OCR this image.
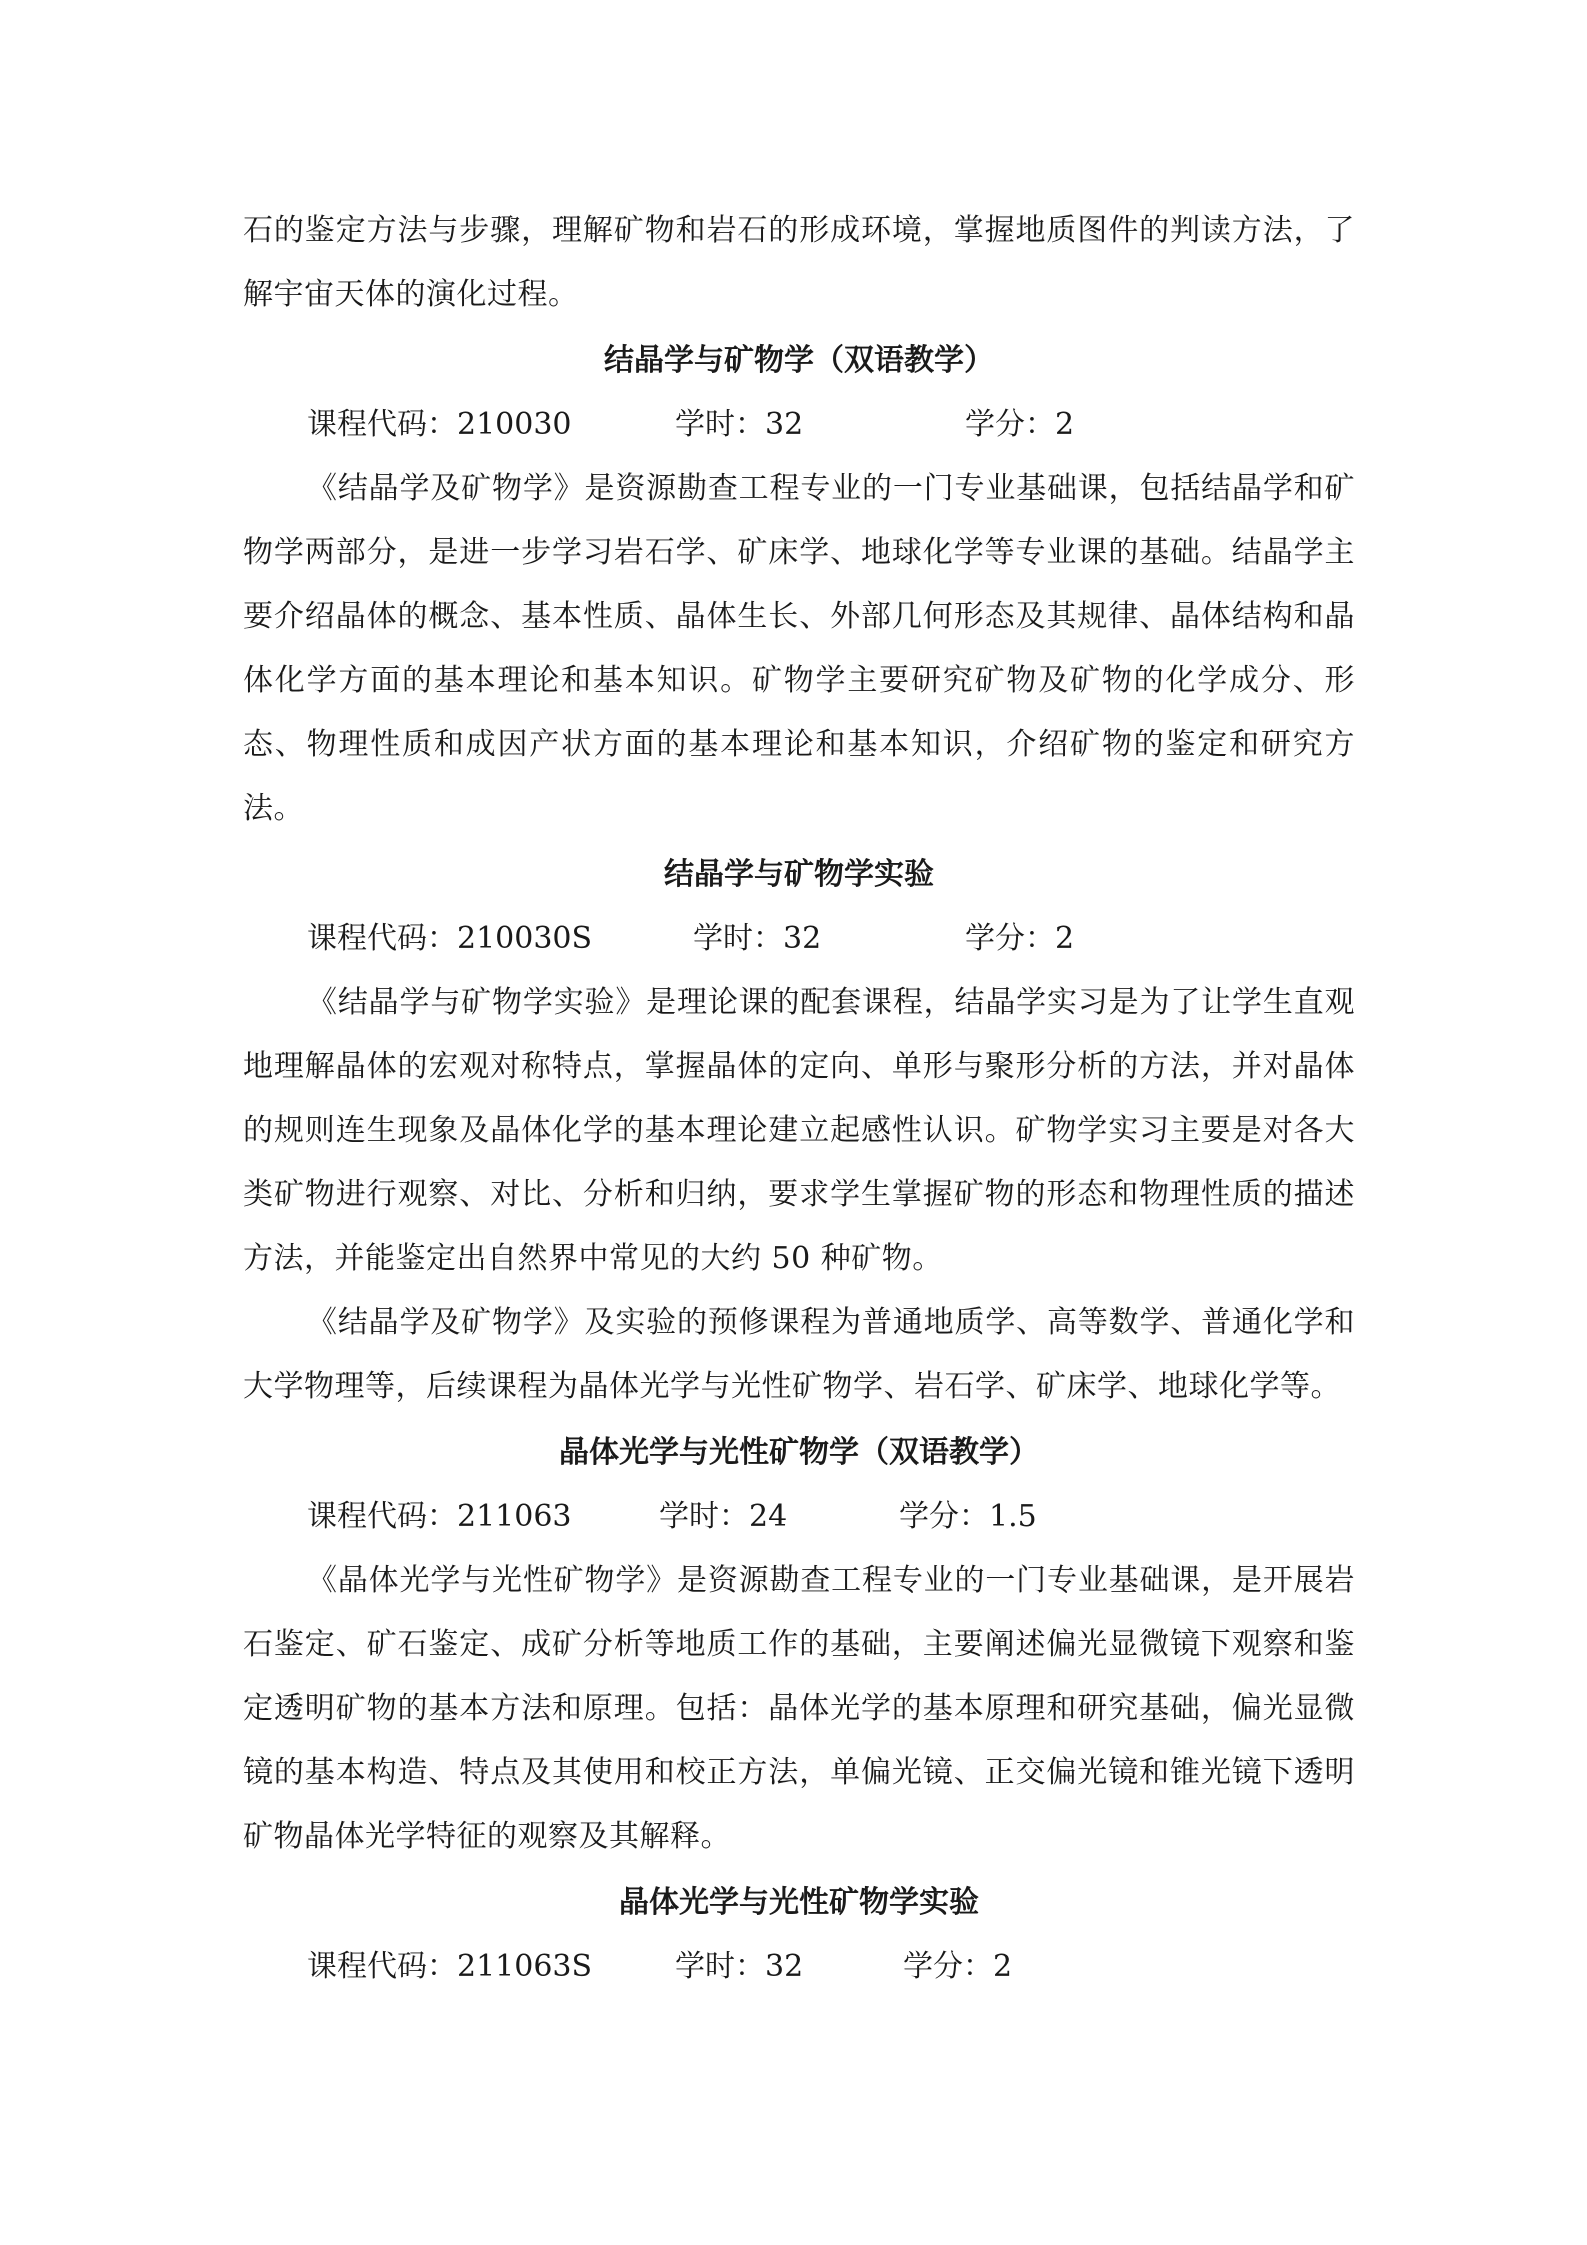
石的鉴定方法与步骤，理解矿物和岩石的形成环境，掌握地质图件的判读方法，了解宇宙天体的演化过程。

结晶学与矿物学（双语教学）
课程代码：210030	学时：32	学分：2

《结晶学及矿物学》是资源勘查工程专业的一门专业基础课，包括结晶学和矿物学两部分，是进一步学习岩石学、矿床学、地球化学等专业课的基础。结晶学主要介绍晶体的概念、基本性质、晶体生长、外部几何形态及其规律、晶体结构和晶体化学方面的基本理论和基本知识。矿物学主要研究矿物及矿物的化学成分、形态、物理性质和成因产状方面的基本理论和基本知识，介绍矿物的鉴定和研究方法。

结晶学与矿物学实验
课程代码：210030S	学时：32	学分：2

《结晶学与矿物学实验》是理论课的配套课程，结晶学实习是为了让学生直观地理解晶体的宏观对称特点，掌握晶体的定向、单形与聚形分析的方法，并对晶体的规则连生现象及晶体化学的基本理论建立起感性认识。矿物学实习主要是对各大类矿物进行观察、对比、分析和归纳，要求学生掌握矿物的形态和物理性质的描述方法，并能鉴定出自然界中常见的大约 50 种矿物。

《结晶学及矿物学》及实验的预修课程为普通地质学、高等数学、普通化学和大学物理等，后续课程为晶体光学与光性矿物学、岩石学、矿床学、地球化学等。

晶体光学与光性矿物学（双语教学）
课程代码：211063	学时：24	学分：1.5

《晶体光学与光性矿物学》是资源勘查工程专业的一门专业基础课，是开展岩石鉴定、矿石鉴定、成矿分析等地质工作的基础，主要阐述偏光显微镜下观察和鉴定透明矿物的基本方法和原理。包括：晶体光学的基本原理和研究基础，偏光显微镜的基本构造、特点及其使用和校正方法，单偏光镜、正交偏光镜和锥光镜下透明矿物晶体光学特征的观察及其解释。

晶体光学与光性矿物学实验
课程代码：211063S	学时：32	学分：2
